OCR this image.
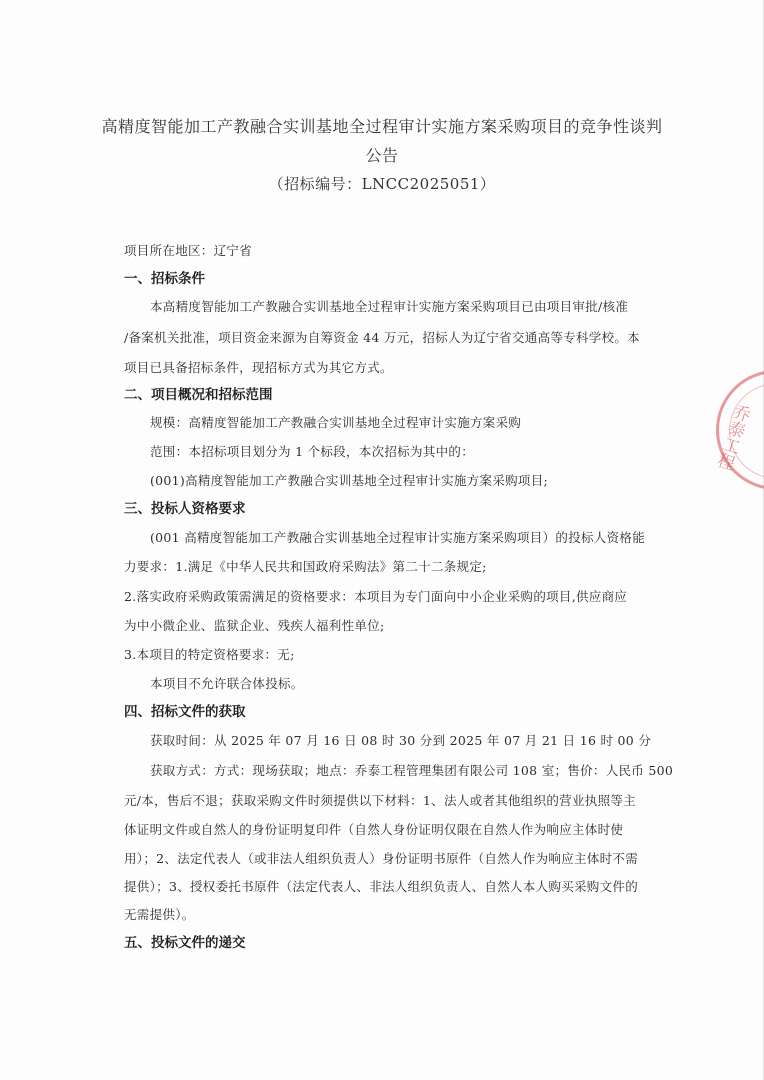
高精度智能加工产教融合实训基地全过程审计实施方案采购项目的竞争性谈判
公告
（招标编号：LNCC2025051）
项目所在地区：辽宁省
一、招标条件
本高精度智能加工产教融合实训基地全过程审计实施方案采购项目已由项目审批/核准
/备案机关批准，项目资金来源为自筹资金 44 万元，招标人为辽宁省交通高等专科学校。本
项目已具备招标条件，现招标方式为其它方式。
二、项目概况和招标范围
规模：高精度智能加工产教融合实训基地全过程审计实施方案采购
范围：本招标项目划分为 1 个标段，本次招标为其中的：
(001)高精度智能加工产教融合实训基地全过程审计实施方案采购项目;
三、投标人资格要求
(001 高精度智能加工产教融合实训基地全过程审计实施方案采购项目）的投标人资格能
力要求：1.满足《中华人民共和国政府采购法》第二十二条规定;
2.落实政府采购政策需满足的资格要求：本项目为专门面向中小企业采购的项目,供应商应
为中小微企业、监狱企业、残疾人福利性单位;
3.本项目的特定资格要求：无;
本项目不允许联合体投标。
四、招标文件的获取
获取时间：从 2025 年 07 月 16 日 08 时 30 分到 2025 年 07 月 21 日 16 时 00 分
获取方式：方式：现场获取；地点：乔泰工程管理集团有限公司 108 室；售价：人民币 500
元/本，售后不退；获取采购文件时须提供以下材料：1、法人或者其他组织的营业执照等主
体证明文件或自然人的身份证明复印件（自然人身份证明仅限在自然人作为响应主体时使
用）；2、法定代表人（或非法人组织负责人）身份证明书原件（自然人作为响应主体时不需
提供）；3、授权委托书原件（法定代表人、非法人组织负责人、自然人本人购买采购文件的
无需提供）。
五、投标文件的递交
乔泰工程
